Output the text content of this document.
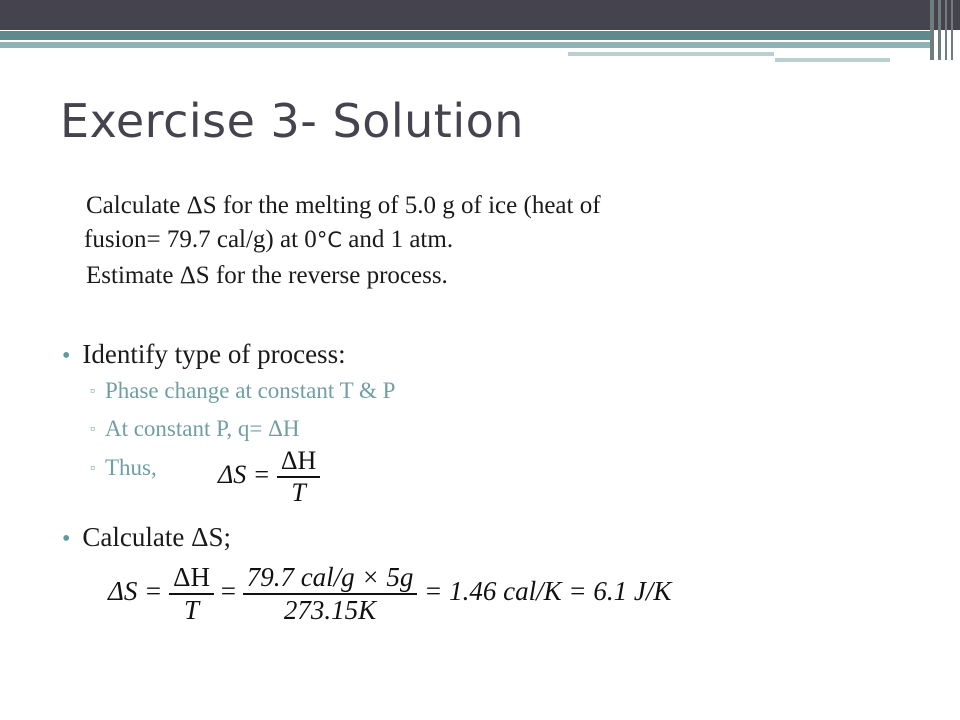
Exercise 3- Solution
Calculate ΔS for the melting of 5.0 g of ice (heat of
fusion= 79.7 cal/g) at 0°C and 1 atm.
Estimate ΔS for the reverse process.
• Identify type of process:
▫ Phase change at constant T & P
▫ At constant P, q= ΔH
▫ Thus, $\Delta S = \frac{\Delta H}{T}$
• Calculate ΔS;
$\Delta S = \frac{\Delta H}{T} = \frac{\text{79.7 cal/g × 5g}}{273.15K} = 1.46$ cal/K = 6.1 J/K
